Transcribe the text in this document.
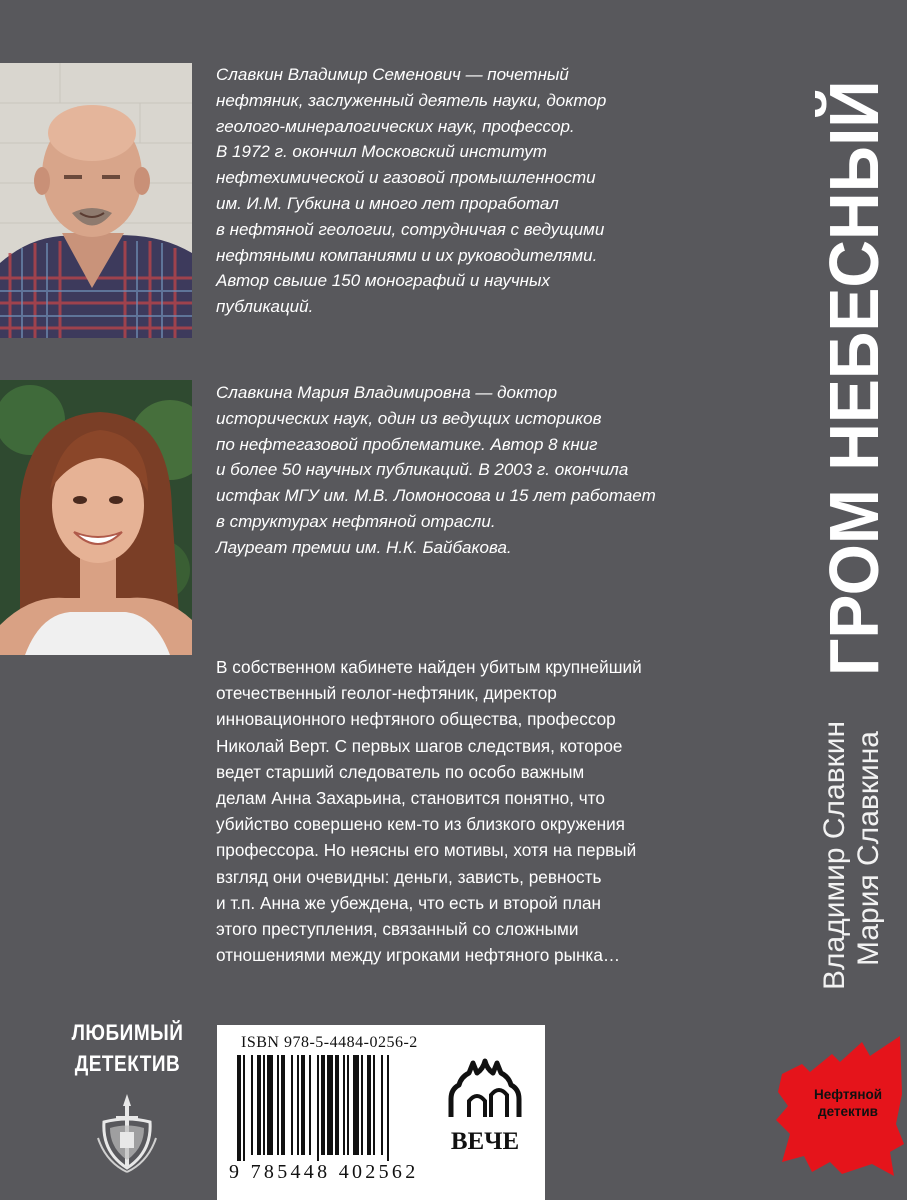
Славкин Владимир Семенович — почетный
нефтяник, заслуженный деятель науки, доктор
геолого-минералогических наук, профессор.
В 1972 г. окончил Московский институт
нефтехимической и газовой промышленности
им. И.М. Губкина и много лет проработал
в нефтяной геологии, сотрудничая с ведущими
нефтяными компаниями и их руководителями.
Автор свыше 150 монографий и научных
публикаций.

Славкина Мария Владимировна — доктор
исторических наук, один из ведущих историков
по нефтегазовой проблематике. Автор 8 книг
и более 50 научных публикаций. В 2003 г. окончила
истфак МГУ им. М.В. Ломоносова и 15 лет работает
в структурах нефтяной отрасли.
Лауреат премии им. Н.К. Байбакова.

В собственном кабинете найден убитым крупнейший
отечественный геолог-нефтяник, директор
инновационного нефтяного общества, профессор
Николай Верт. С первых шагов следствия, которое
ведет старший следователь по особо важным
делам Анна Захарьина, становится понятно, что
убийство совершено кем-то из близкого окружения
профессора. Но неясны его мотивы, хотя на первый
взгляд они очевидны: деньги, зависть, ревность
и т.п. Анна же убеждена, что есть и второй план
этого преступления, связанный со сложными
отношениями между игроками нефтяного рынка…

ГРОМ НЕБЕСНЫЙ
Владимир Славкин Мария Славкина
ЛЮБИМЫЙ
ДЕТЕКТИВ
ISBN 978-5-4484-0256-2
9 785448 402562
ВЕЧЕ
Нефтяной
детектив
